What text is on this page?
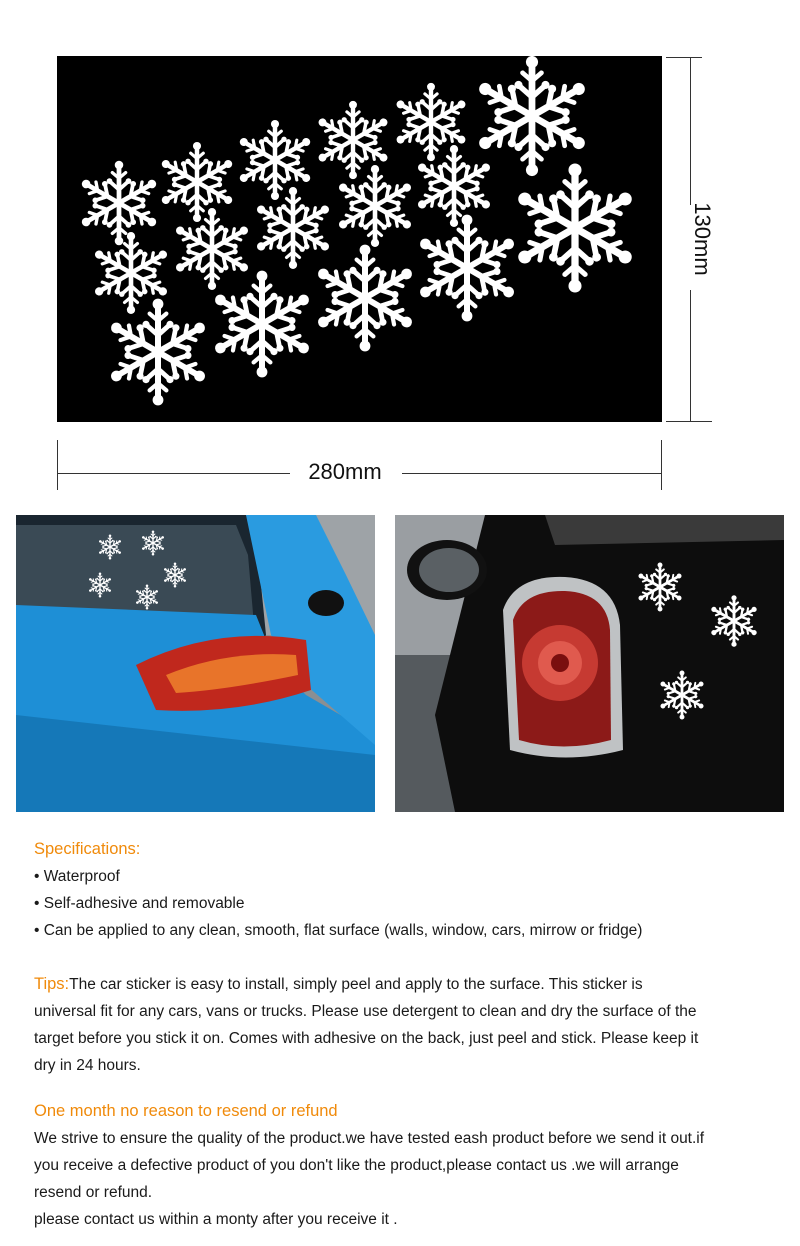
130mm
280mm
Specifications:
• Waterproof
• Self-adhesive and removable
• Can be applied to any clean, smooth, flat surface (walls, window, cars, mirrow or fridge)

Tips:The car sticker is easy to install, simply peel and apply to the surface. This sticker is universal fit for any cars, vans or trucks. Please use detergent to clean and dry the surface of the target before you stick it on. Comes with adhesive on the back, just peel and stick. Please keep it dry in 24 hours.

One month no reason to resend or refund

We strive to ensure the quality of the product.we have tested eash product before we send it out.if you receive a defective product of you don't like the product,please contact us .we will arrange resend or refund.

please contact us within a monty after you receive it .
